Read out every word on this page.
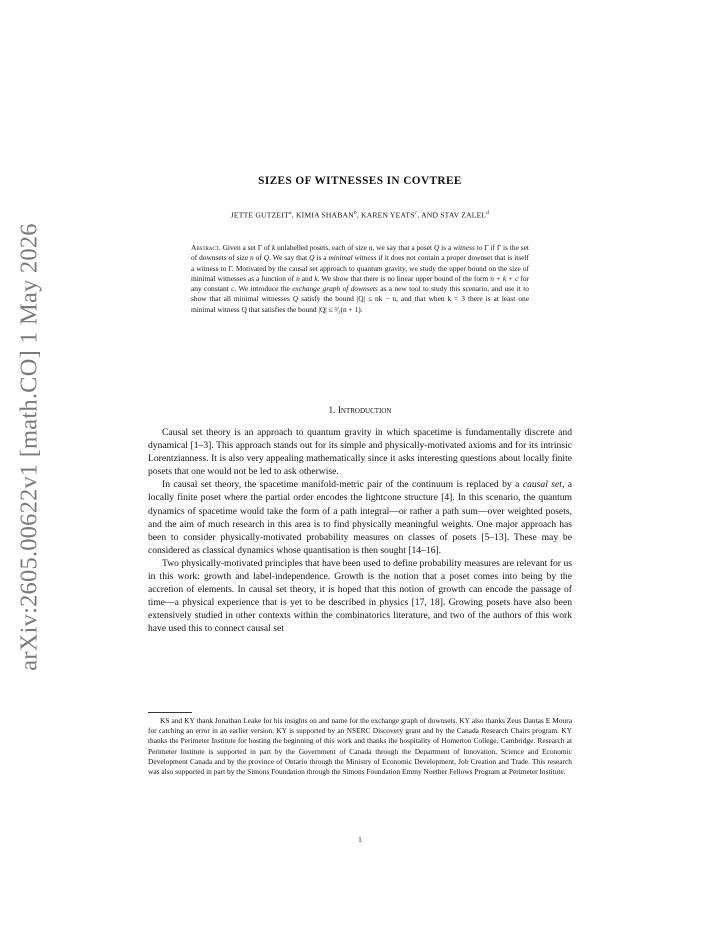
arXiv:2605.00622v1 [math.CO] 1 May 2026
SIZES OF WITNESSES IN COVTREE
JETTE GUTZEIT$^a$, KIMIA SHABAN$^b$, KAREN YEATS$^c$, AND STAV ZALEL$^d$
Abstract. Given a set Γ of k unlabelled posets, each of size n, we say that a poset Q is a witness to Γ if Γ is the set of downsets of size n of Q. We say that Q is a minimal witness if it does not contain a proper downset that is itself a witness to Γ. Motivated by the causal set approach to quantum gravity, we study the upper bound on the size of minimal witnesses as a function of n and k. We show that there is no linear upper bound of the form n + k + c for any constant c. We introduce the exchange graph of downsets as a new tool to study this scenario, and use it to show that all minimal witnesses Q satisfy the bound |Q| ≤ nk − n, and that when k = 3 there is at least one minimal witness Q that satisfies the bound |Q| ≤ ³⁄₂(n + 1).
1. Introduction

Causal set theory is an approach to quantum gravity in which spacetime is fundamentally discrete and dynamical [1–3]. This approach stands out for its simple and physically-motivated axioms and for its intrinsic Lorentzianness. It is also very appealing mathematically since it asks interesting questions about locally finite posets that one would not be led to ask otherwise.

In causal set theory, the spacetime manifold-metric pair of the continuum is replaced by a causal set, a locally finite poset where the partial order encodes the lightcone structure [4]. In this scenario, the quantum dynamics of spacetime would take the form of a path integral—or rather a path sum—over weighted posets, and the aim of much research in this area is to find physically meaningful weights. One major approach has been to consider physically-motivated probability measures on classes of posets [5–13]. These may be considered as classical dynamics whose quantisation is then sought [14–16].

Two physically-motivated principles that have been used to define probability measures are relevant for us in this work: growth and label-independence. Growth is the notion that a poset comes into being by the accretion of elements. In causal set theory, it is hoped that this notion of growth can encode the passage of time—a physical experience that is yet to be described in physics [17, 18]. Growing posets have also been extensively studied in other contexts within the combinatorics literature, and two of the authors of this work have used this to connect causal set

KS and KY thank Jonathan Leake for his insights on and name for the exchange graph of downsets. KY also thanks Zeus Dantas E Moura for catching an error in an earlier version. KY is supported by an NSERC Discovery grant and by the Canada Research Chairs program. KY thanks the Perimeter Institute for hosting the beginning of this work and thanks the hospitality of Homerton College, Cambridge. Research at Perimeter Institute is supported in part by the Government of Canada through the Department of Innovation, Science and Economic Development Canada and by the province of Ontario through the Ministry of Economic Development, Job Creation and Trade. This research was also supported in part by the Simons Foundation through the Simons Foundation Emmy Noether Fellows Program at Perimeter Institute.

1
